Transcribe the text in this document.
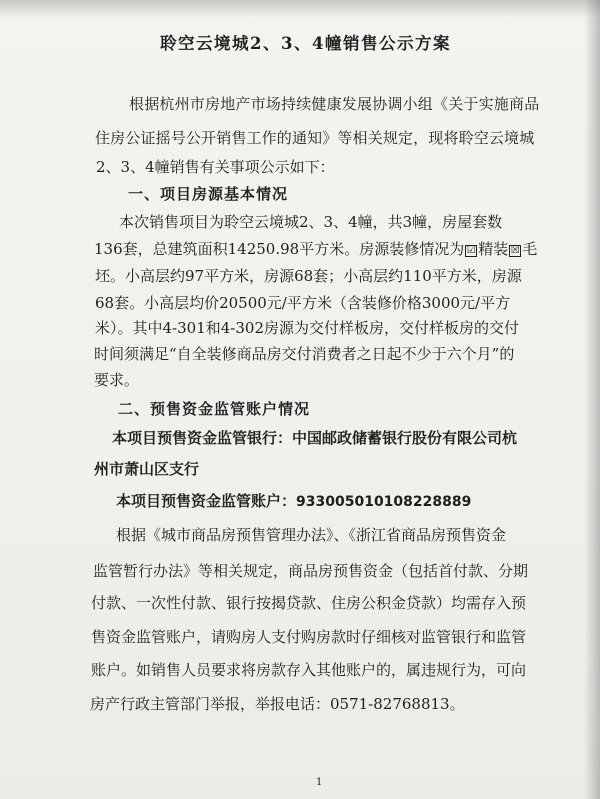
聆空云境城2、3、4幢销售公示方案
根据杭州市房地产市场持续健康发展协调小组《关于实施商品
住房公证摇号公开销售工作的通知》等相关规定，现将聆空云境城
2、3、4幢销售有关事项公示如下：
一、项目房源基本情况
本次销售项目为聆空云境城2、3、4幢，共3幢，房屋套数
136套，总建筑面积14250.98平方米。房源装修情况为 ☑ 精装 ☒ 毛
坯。小高层约97平方米，房源68套；小高层约110平方米，房源
68套。小高层均价20500元/平方米（含装修价格3000元/平方
米）。其中4-301和4-302房源为交付样板房，交付样板房的交付
时间须满足“自全装修商品房交付消费者之日起不少于六个月”的
要求。
二、预售资金监管账户情况
本项目预售资金监管银行：中国邮政储蓄银行股份有限公司杭
州市萧山区支行
本项目预售资金监管账户：933005010108228889
根据《城市商品房预售管理办法》、《浙江省商品房预售资金
监管暂行办法》等相关规定，商品房预售资金（包括首付款、分期
付款、一次性付款、银行按揭贷款、住房公积金贷款）均需存入预
售资金监管账户，请购房人支付购房款时仔细核对监管银行和监管
账户。如销售人员要求将房款存入其他账户的，属违规行为，可向
房产行政主管部门举报，举报电话：0571-82768813。
1
